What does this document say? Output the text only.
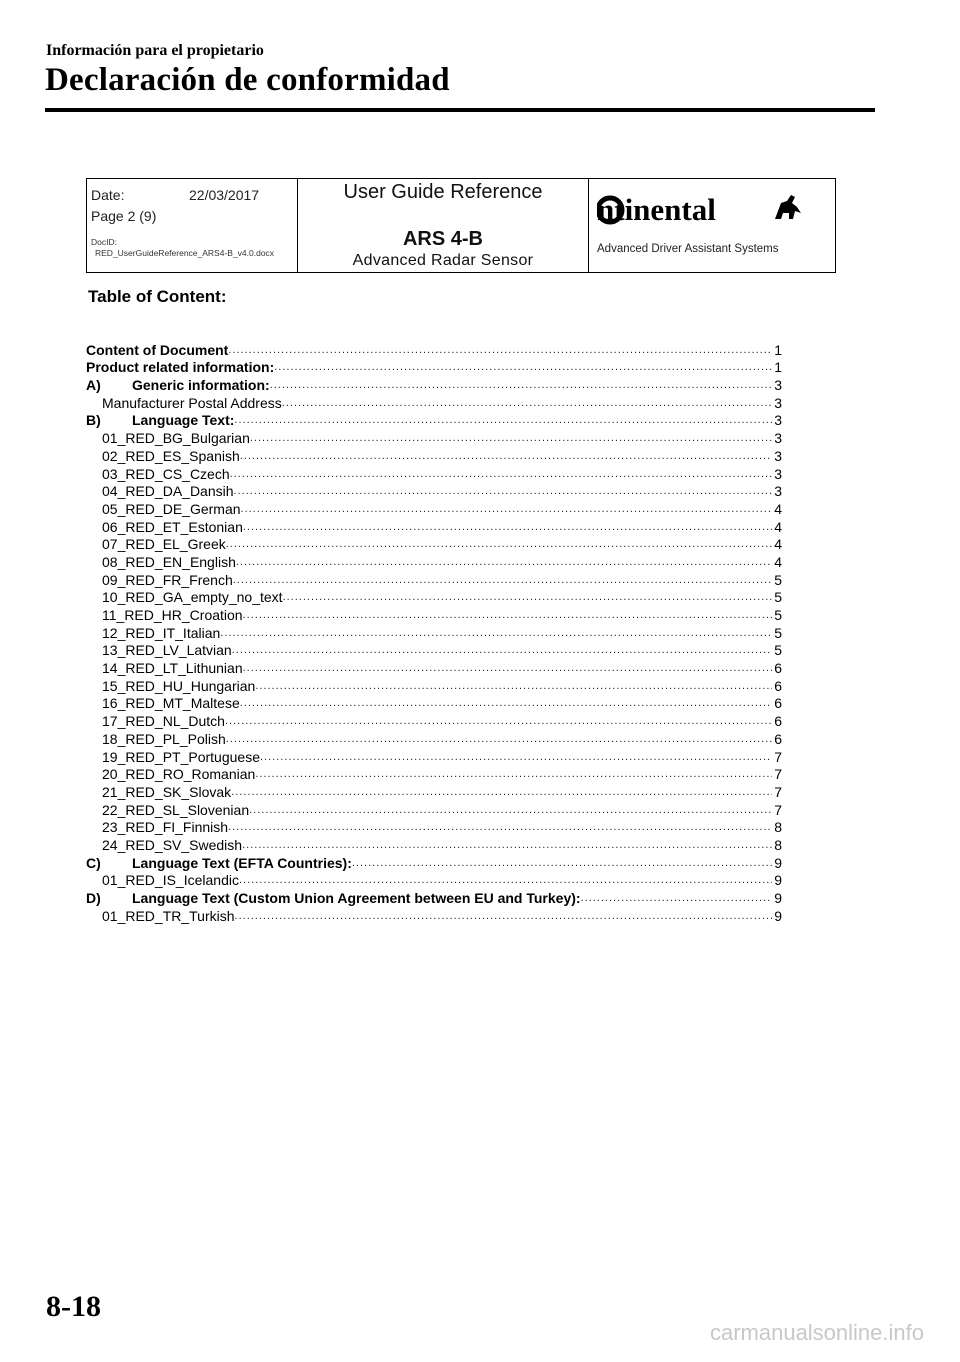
Información para el propietario
Declaración de conformidad
Date:	22/03/2017
Page 2 (9)
DocID:
RED_UserGuideReference_ARS4-B_v4.0.docx

User Guide Reference
ARS 4-B
Advanced Radar Sensor

ntinental
Advanced Driver Assistant Systems
Table of Content:
Content of Document .....	1
Product related information: .....	1
A)	Generic information: .....	3
Manufacturer Postal Address .....	3
B)	Language Text: .....	3
01_RED_BG_Bulgarian .....	3
02_RED_ES_Spanish .....	3
03_RED_CS_Czech .....	3
04_RED_DA_Dansih .....	3
05_RED_DE_German .....	4
06_RED_ET_Estonian .....	4
07_RED_EL_Greek .....	4
08_RED_EN_English .....	4
09_RED_FR_French .....	5
10_RED_GA_empty_no_text .....	5
11_RED_HR_Croation .....	5
12_RED_IT_Italian .....	5
13_RED_LV_Latvian .....	5
14_RED_LT_Lithunian .....	6
15_RED_HU_Hungarian .....	6
16_RED_MT_Maltese .....	6
17_RED_NL_Dutch .....	6
18_RED_PL_Polish .....	6
19_RED_PT_Portuguese .....	7
20_RED_RO_Romanian .....	7
21_RED_SK_Slovak .....	7
22_RED_SL_Slovenian .....	7
23_RED_FI_Finnish .....	8
24_RED_SV_Swedish .....	8
C)	Language Text (EFTA Countries): .....	9
01_RED_IS_Icelandic .....	9
D)	Language Text (Custom Union Agreement between EU and Turkey): .....	9
01_RED_TR_Turkish .....	9
8-18
carmanualsonline.info
